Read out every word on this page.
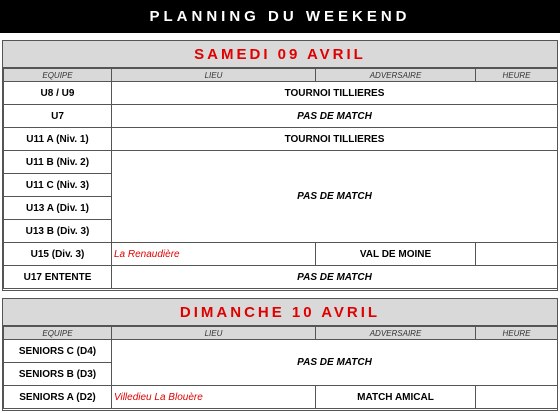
PLANNING DU WEEKEND
SAMEDI 09 AVRIL
EQUIPE	LIEU	ADVERSAIRE	HEURE
U8 / U9	TOURNOI TILLIERES		
U7	PAS DE MATCH		
U11 A (Niv. 1)	TOURNOI TILLIERES		
U11 B (Niv. 2)	PAS DE MATCH		
U11 C (Niv. 3)			
U13 A (Div. 1)			
U13 B (Div. 3)			
U15 (Div. 3)	La Renaudière	VAL DE MOINE	
U17 ENTENTE	PAS DE MATCH		
DIMANCHE 10 AVRIL
EQUIPE	LIEU	ADVERSAIRE	HEURE
SENIORS C (D4)	PAS DE MATCH		
SENIORS B (D3)			
SENIORS A (D2)	Villedieu La Blouère	MATCH AMICAL	
